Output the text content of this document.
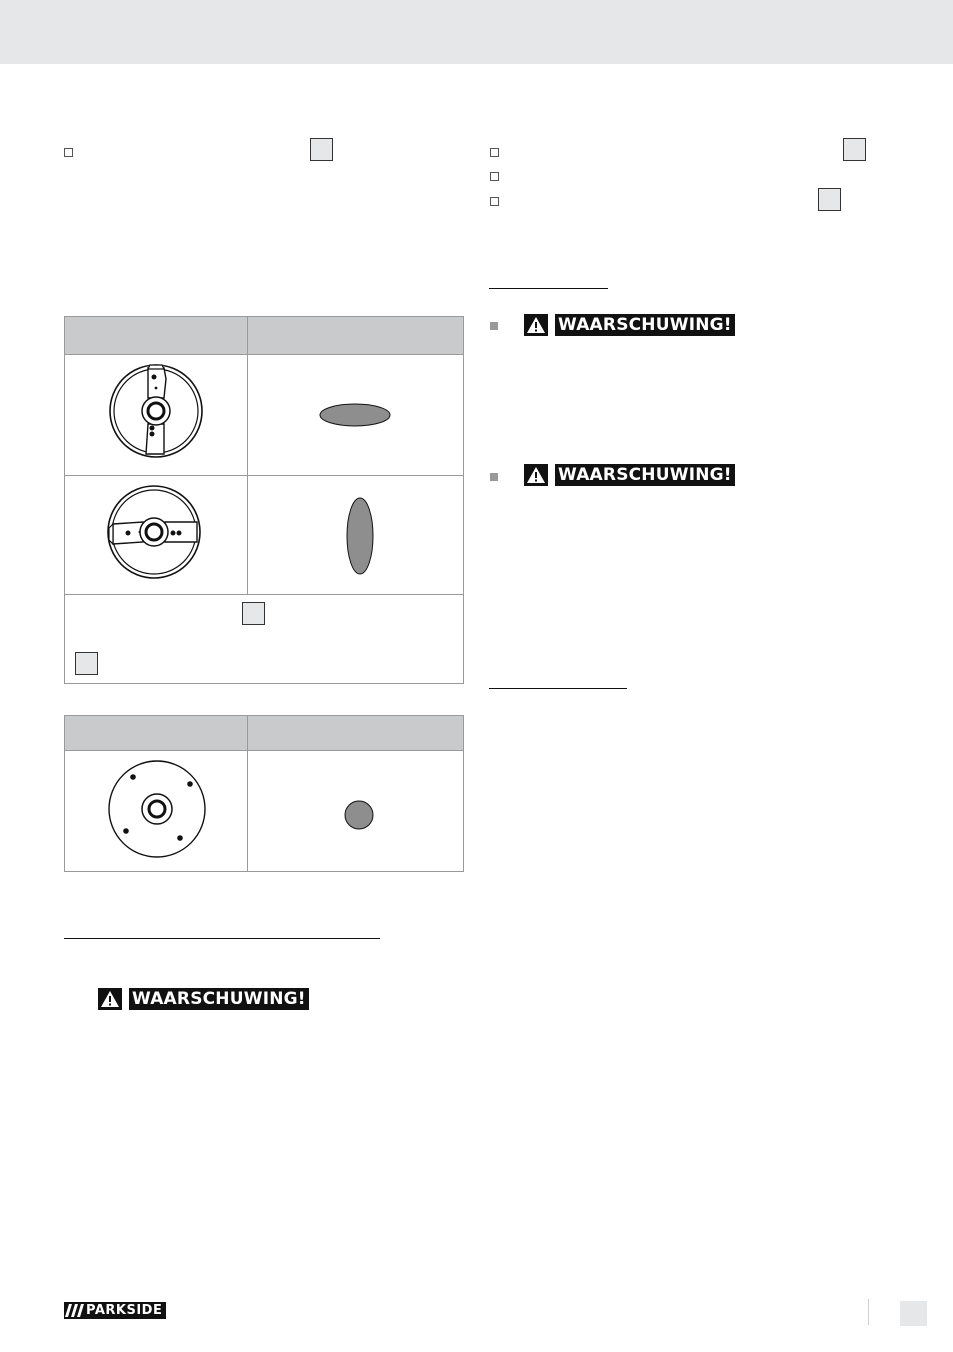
WAARSCHUWING!
WAARSCHUWING!

WAARSCHUWING!
PARKSIDE
